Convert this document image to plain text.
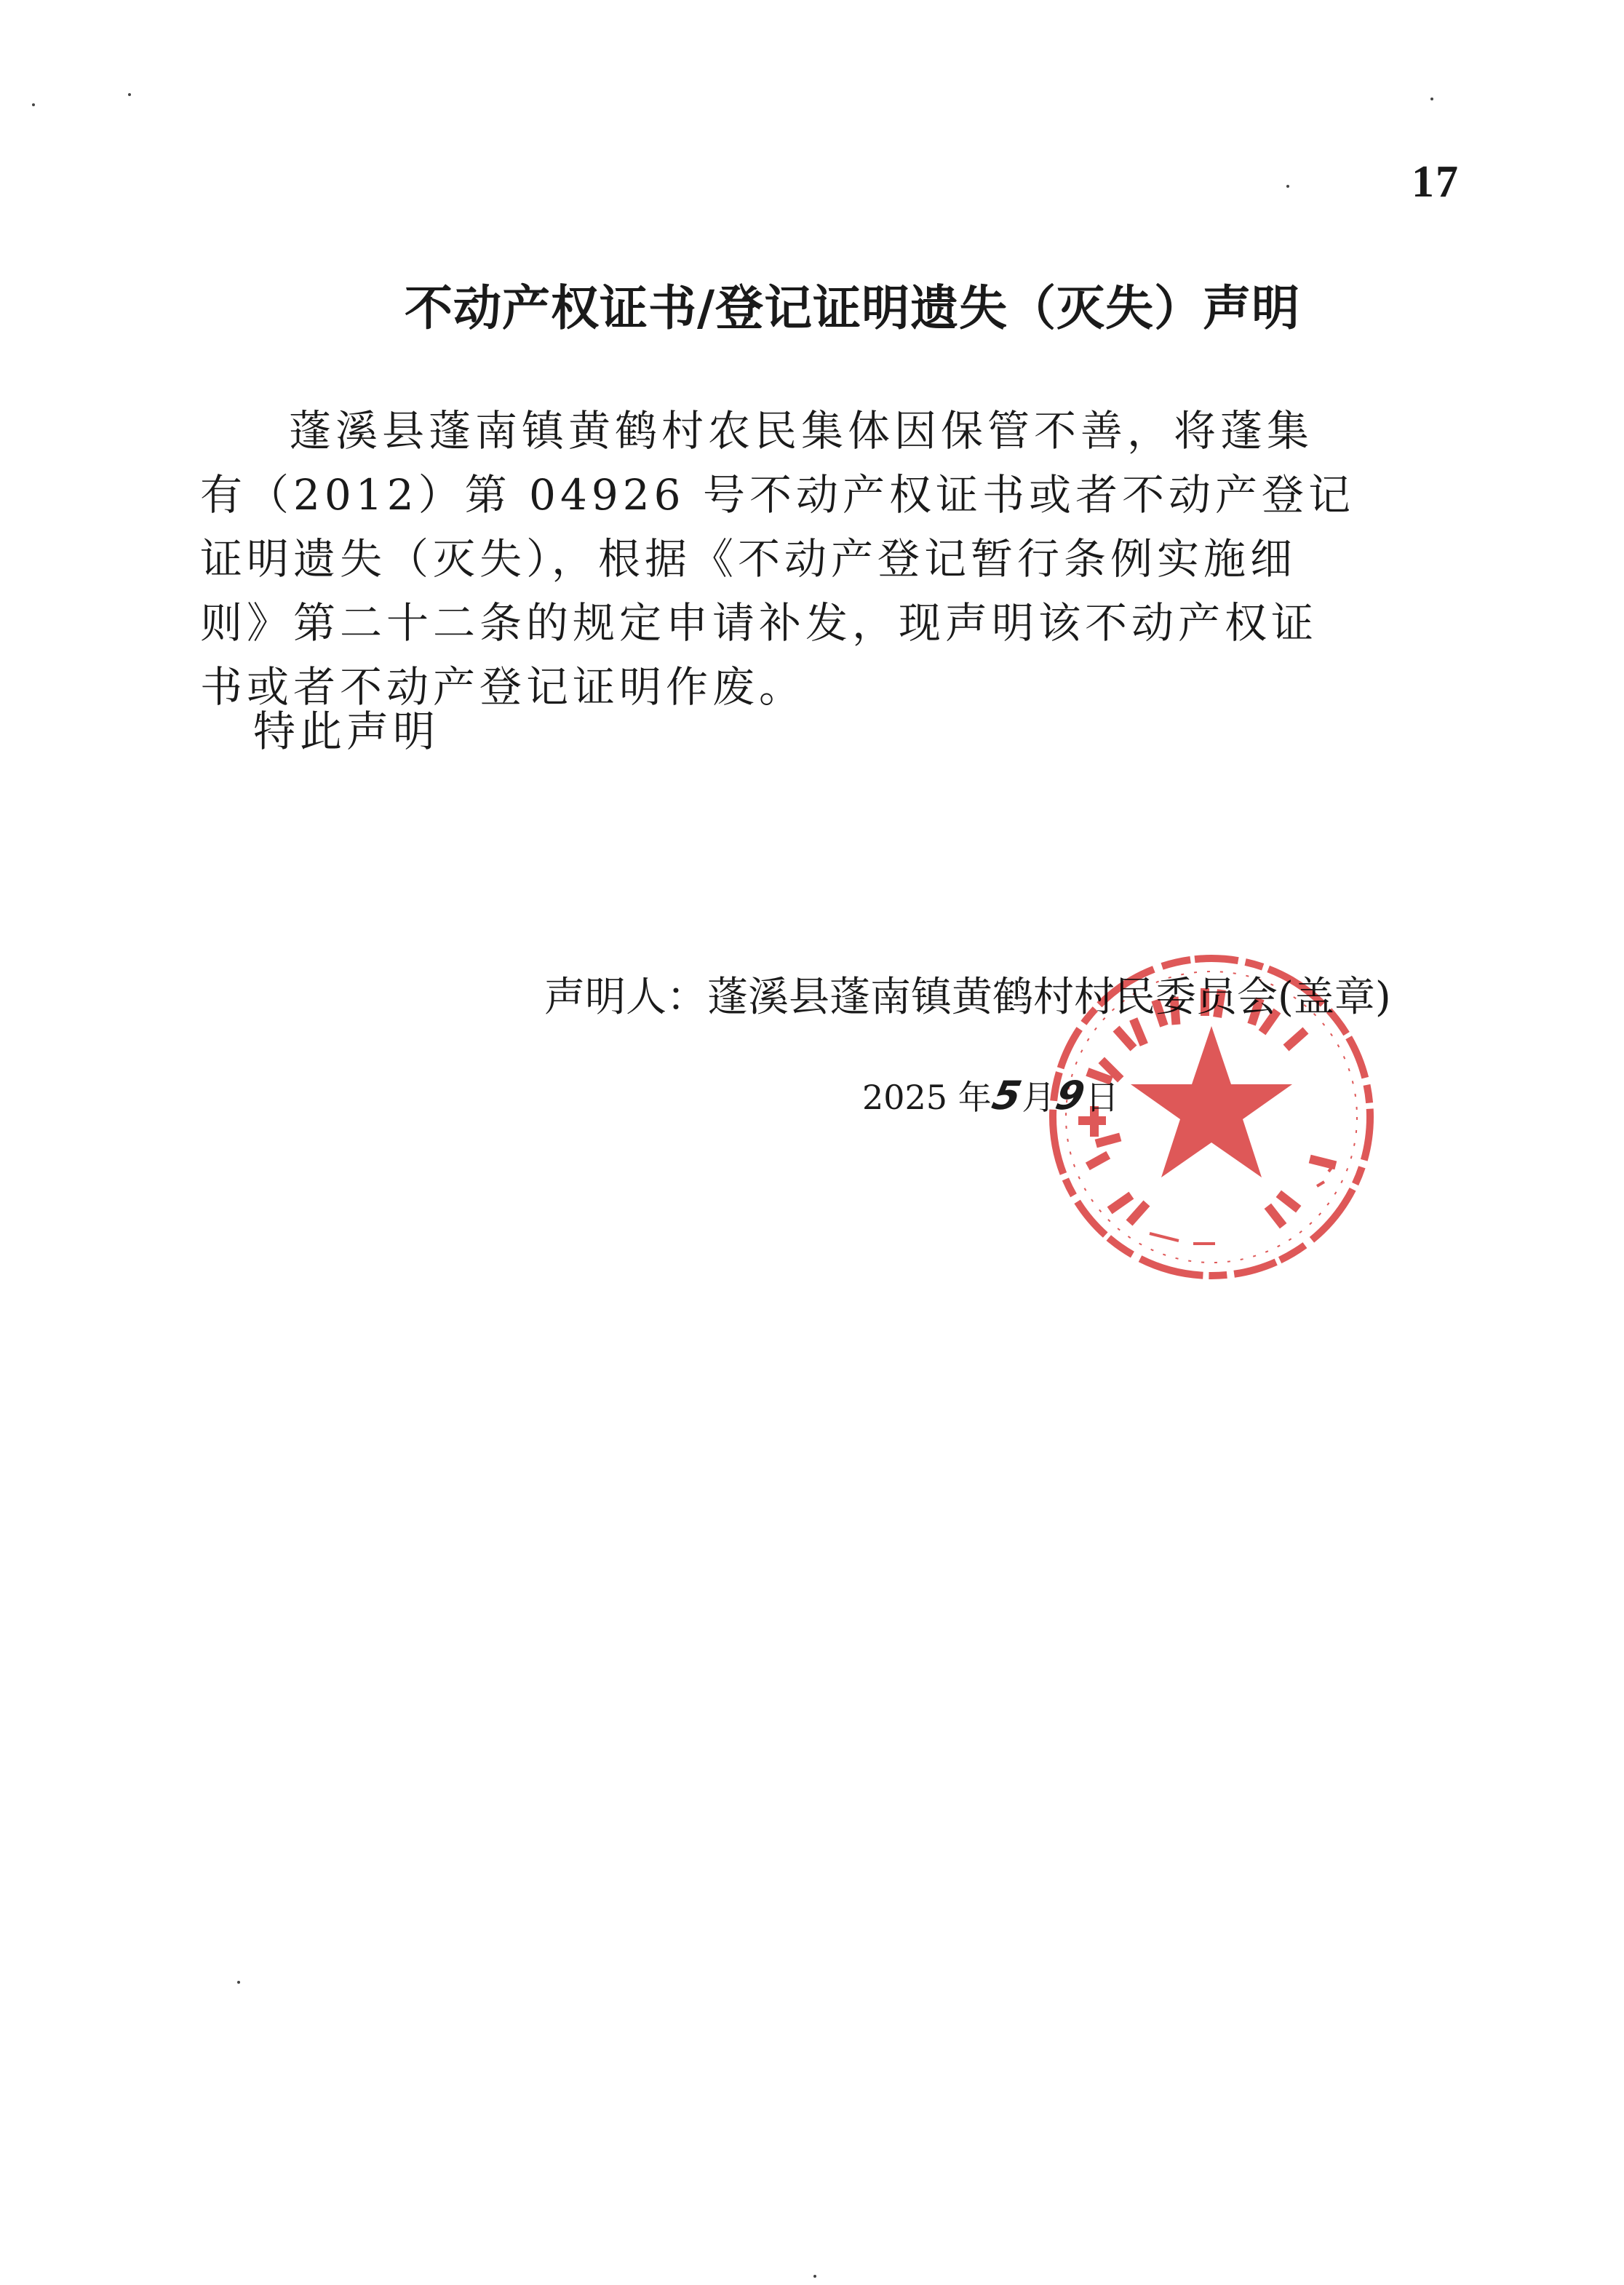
17
不动产权证书/登记证明遗失（灭失）声明
蓬溪县蓬南镇黄鹤村农民集体因保管不善，将蓬集
有（2012）第 04926 号不动产权证书或者不动产登记
证明遗失（灭失），根据《不动产登记暂行条例实施细
则》第二十二条的规定申请补发，现声明该不动产权证
书或者不动产登记证明作废。
特此声明
声明人：蓬溪县蓬南镇黄鹤村村民委员会(盖章)
2025 年5月9日
